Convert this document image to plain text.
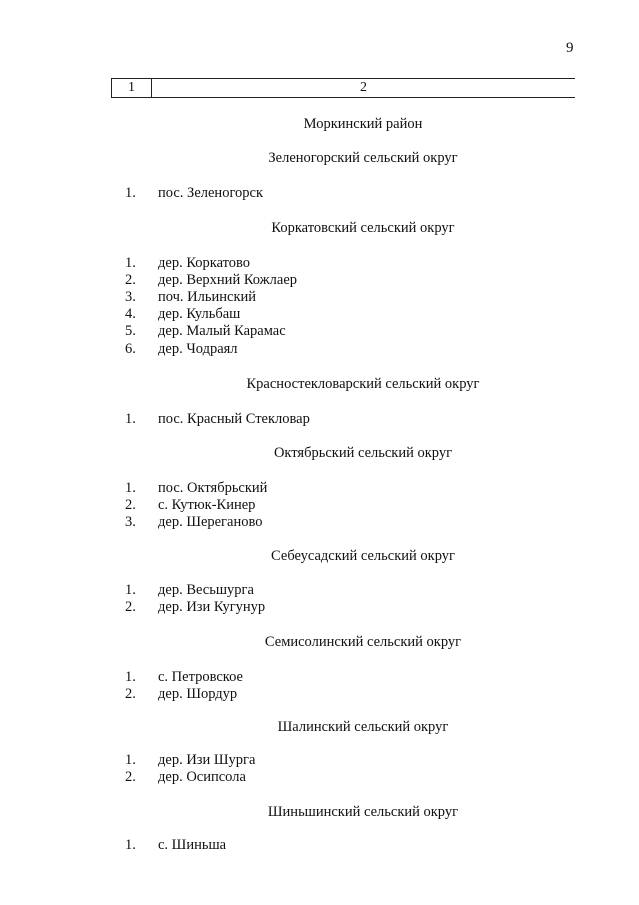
9
1	2
Моркинский район
Зеленогорский сельский округ
1. пос. Зеленогорск
Коркатовский сельский округ
1. дер. Коркатово
2. дер. Верхний Кожлаер
3. поч. Ильинский
4. дер. Кульбаш
5. дер. Малый Карамас
6. дер. Чодраял
Красностекловарский сельский округ
1. пос. Красный Стекловар
Октябрьский сельский округ
1. пос. Октябрьский
2. с. Кутюк-Кинер
3. дер. Шереганово
Себеусадский сельский округ
1. дер. Весьшурга
2. дер. Изи Кугунур
Семисолинский сельский округ
1. с. Петровское
2. дер. Шордур
Шалинский сельский округ
1. дер. Изи Шурга
2. дер. Осипсола
Шиньшинский сельский округ
1. с. Шиньша
